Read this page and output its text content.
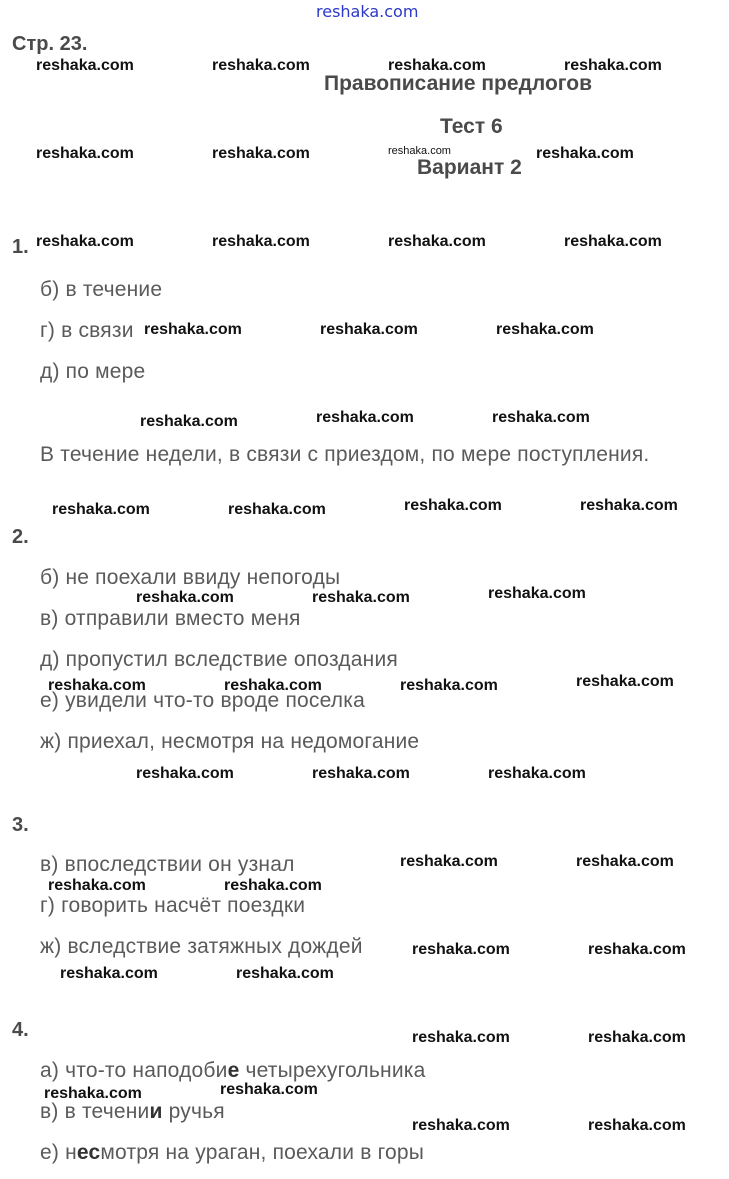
reshaka.com
Стр. 23.
Правописание предлогов
Тест 6
Вариант 2
1.
б) в течение
г) в связи
д) по мере
В течение недели, в связи с приездом, по мере поступления.
2.
б) не поехали ввиду непогоды
в) отправили вместо меня
д) пропустил вследствие опоздания
е) увидели что-то вроде поселка
ж) приехал, несмотря на недомогание
3.
в) впоследствии он узнал
г) говорить насчёт поездки
ж) вследствие затяжных дождей
4.
а) что-то наподобие четырехугольника
в) в течении ручья
е) несмотря на ураган, поехали в горы
reshaka.com	reshaka.com	reshaka.com	reshaka.com
reshaka.com	reshaka.com	reshaka.com	reshaka.com
reshaka.com	reshaka.com	reshaka.com	reshaka.com
reshaka.com	reshaka.com	reshaka.com
reshaka.com	reshaka.com	reshaka.com
reshaka.com	reshaka.com	reshaka.com	reshaka.com
reshaka.com	reshaka.com	reshaka.com
reshaka.com	reshaka.com	reshaka.com	reshaka.com
reshaka.com	reshaka.com	reshaka.com
reshaka.com	reshaka.com
reshaka.com	reshaka.com
reshaka.com	reshaka.com
reshaka.com	reshaka.com
reshaka.com	reshaka.com
reshaka.com	reshaka.com
reshaka.com	reshaka.com
